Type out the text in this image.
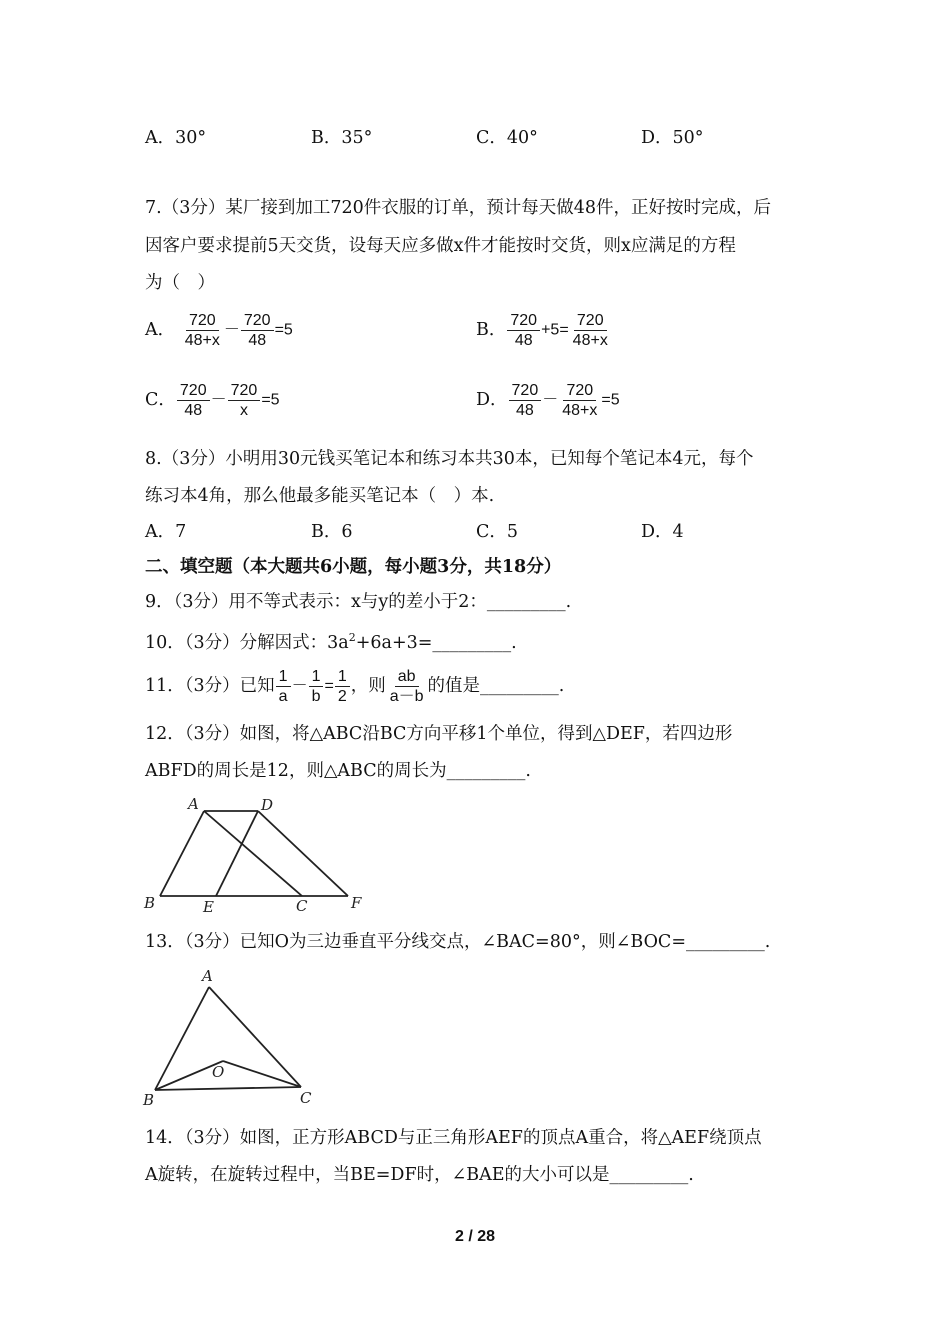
A．30°	B．35°	C．40°	D．50°
7.（3分）某厂接到加工720件衣服的订单，预计每天做48件，正好按时完成，后
因客户要求提前5天交货，设每天应多做x件才能按时交货，则x应满足的方程
为（　）
A． $\frac{720}{48+x} - \frac{720}{48} =5$	B． $\frac{720}{48} +5= \frac{720}{48+x}$
C． $\frac{720}{48} - \frac{720}{x} =5$	D． $\frac{720}{48} - \frac{720}{48+x} =5$
8.（3分）小明用30元钱买笔记本和练习本共30本，已知每个笔记本4元，每个
练习本4角，那么他最多能买笔记本（　）本.
A．7	B．6	C．5	D．4
二、填空题（本大题共6小题，每小题3分，共18分）
9．（3分）用不等式表示：x与y的差小于2：_________.
10．（3分）分解因式：$3a^2+6a+3=\_\_\_\_\_\_\_\_\_$.
11．（3分）已知 $\frac{1}{a} - \frac{1}{b} = \frac{1}{2}$ ，则 $\frac{ab}{a-b}$ 的值是_________.
12．（3分）如图，将△ABC沿BC方向平移1个单位，得到△DEF，若四边形
ABFD的周长是12，则△ABC的周长为_________.
A	D
B	E	C	F
13．（3分）已知O为三边垂直平分线交点，∠BAC=80°，则∠BOC=_________.
A
O
B	C
14．（3分）如图，正方形ABCD与正三角形AEF的顶点A重合，将△AEF绕顶点
A旋转，在旋转过程中，当BE=DF时，∠BAE的大小可以是_________.
2 / 28
